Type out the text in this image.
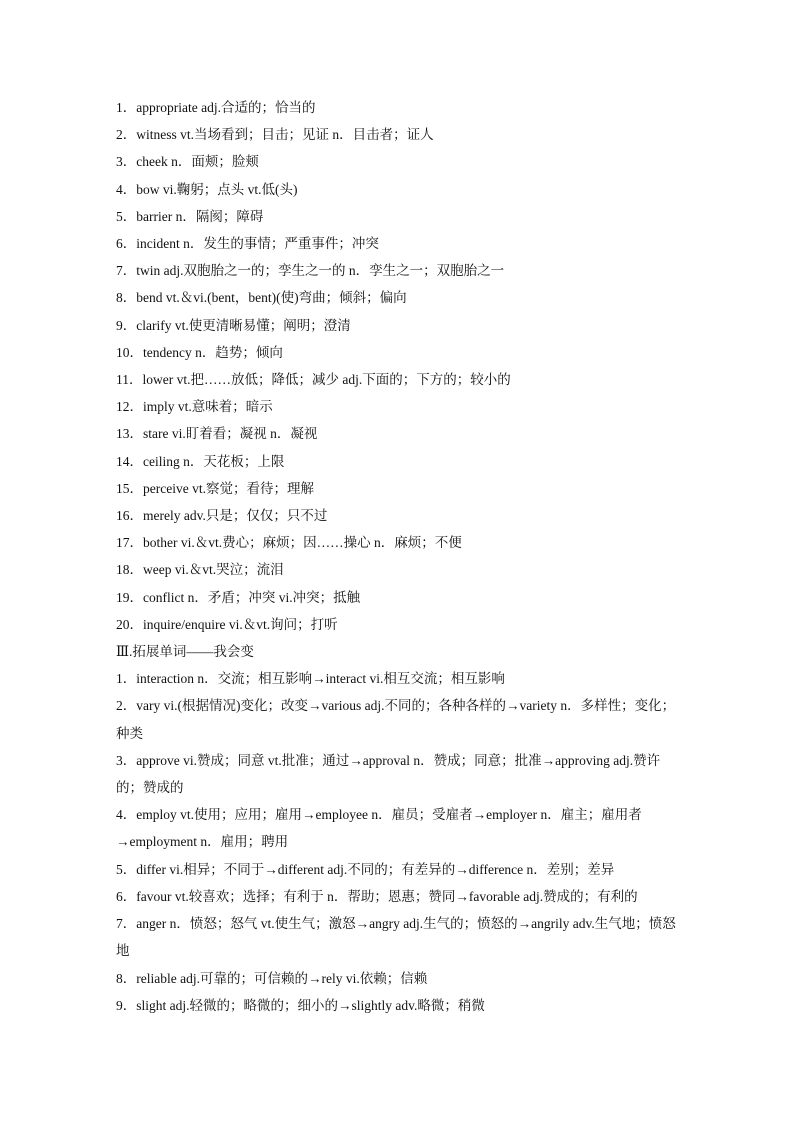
1．appropriate adj.合适的；恰当的
2．witness vt.当场看到；目击；见证 n．目击者；证人
3．cheek n．面颊；脸颊
4．bow vi.鞠躬；点头 vt.低(头)
5．barrier n．隔阂；障碍
6．incident n．发生的事情；严重事件；冲突
7．twin adj.双胞胎之一的；孪生之一的 n．孪生之一；双胞胎之一
8．bend vt.＆vi.(bent，bent)(使)弯曲；倾斜；偏向
9．clarify vt.使更清晰易懂；阐明；澄清
10．tendency n．趋势；倾向
11．lower vt.把……放低；降低；减少 adj.下面的；下方的；较小的
12．imply vt.意味着；暗示
13．stare vi.盯着看；凝视 n．凝视
14．ceiling n．天花板；上限
15．perceive vt.察觉；看待；理解
16．merely adv.只是；仅仅；只不过
17．bother vi.＆vt.费心；麻烦；因……操心 n．麻烦；不便
18．weep vi.＆vt.哭泣；流泪
19．conflict n．矛盾；冲突 vi.冲突；抵触
20．inquire/enquire vi.＆vt.询问；打听
Ⅲ.拓展单词——我会变
1．interaction n．交流；相互影响→interact vi.相互交流；相互影响
2．vary vi.(根据情况)变化；改变→various adj.不同的；各种各样的→variety n．多样性；变化；种类
3．approve vi.赞成；同意 vt.批准；通过→approval n．赞成；同意；批准→approving adj.赞许的；赞成的
4．employ vt.使用；应用；雇用→employee n．雇员；受雇者→employer n．雇主；雇用者→employment n．雇用；聘用
5．differ vi.相异；不同于→different adj.不同的；有差异的→difference n．差别；差异
6．favour vt.较喜欢；选择；有利于 n．帮助；恩惠；赞同→favorable adj.赞成的；有利的
7．anger n．愤怒；怒气 vt.使生气；激怒→angry adj.生气的；愤怒的→angrily adv.生气地；愤怒地
8．reliable adj.可靠的；可信赖的→rely vi.依赖；信赖
9．slight adj.轻微的；略微的；细小的→slightly adv.略微；稍微
